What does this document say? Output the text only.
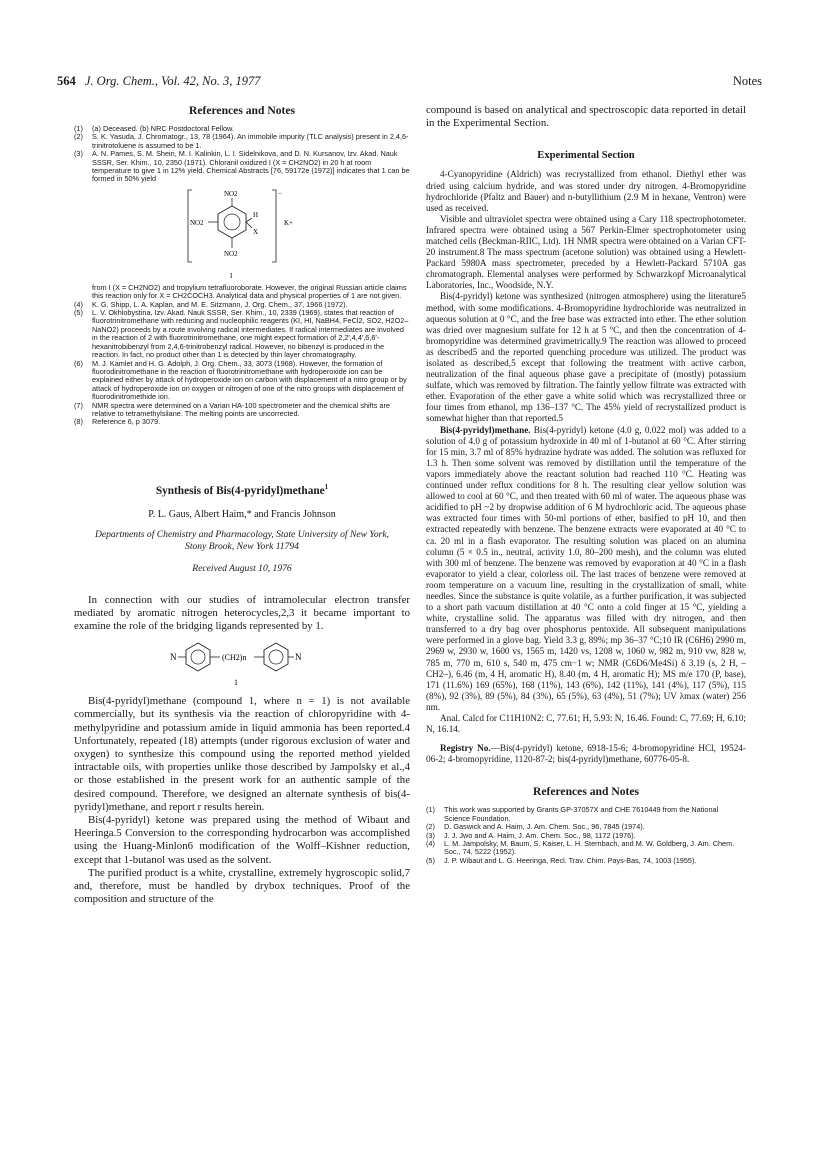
564 J. Org. Chem., Vol. 42, No. 3, 1977	Notes
References and Notes
(1) (a) Deceased. (b) NRC Postdoctoral Fellow.
(2) S. K. Yasuda, J. Chromatogr., 13, 78 (1964). An immobile impurity (TLC analysis) present in 2,4,6-trinitrotoluene is assumed to be 1.
(3) A. N. Pames, S. M. Shein, M. I. Kalinkin, L. I. Sidelnikova, and D. N. Kursanov, Izv. Akad. Nauk SSSR, Ser. Khim., 10, 2350 (1971). Chloranil oxidized I (X = CH2NO2) in 20 h at room temperature to give 1 in 12% yield. Chemical Abstracts [76, 59172e (1972)] indicates that 1 can be formed in 50% yield
−
NO2
NO2
NO2
H
X
K+
I

from I (X = CH2NO2) and tropylium tetrafluoroborate. However, the original Russian article claims this reaction only for X = CH2COCH3. Analytical data and physical properties of 1 are not given.

(4) K. G. Shipp, L. A. Kaplan, and M. E. Sitzmann, J. Org. Chem., 37, 1966 (1972).
(5) L. V. Okhlobystina, Izv. Akad. Nauk SSSR, Ser. Khim., 10, 2339 (1969), states that reaction of fluorotrinitromethane with reducing and nucleophilic reagents (KI, HI, NaBH4, FeCl2, SO2, H2O2–NaNO2) proceeds by a route involving radical intermediates. If radical intermediates are involved in the reaction of 2 with fluorotrinitromethane, one might expect formation of 2,2′,4,4′,6,6′-hexanitrobibenzyl from 2,4,6-trinitrobenzyl radical. However, no bibenzyl is produced in the reaction. In fact, no product other than 1 is detected by thin layer chromatography.
(6) M. J. Kamlet and H. G. Adolph, J. Org. Chem., 33, 3073 (1968). However, the formation of fluorodinitromethane in the reaction of fluorotrinitromethane with hydroperoxide ion can be explained either by attack of hydroperoxide ion on carbon with displacement of a nitro group or by attack of hydroperoxide ion on oxygen or nitrogen of one of the nitro groups with displacement of fluorodinitromethide ion.
(7) NMR spectra were determined on a Varian HA-100 spectrometer and the chemical shifts are relative to tetramethylsilane. The melting points are uncorrected.
(8) Reference 6, p 3079.
Synthesis of Bis(4-pyridyl)methane$^1$

P. L. Gaus, Albert Haim,* and Francis Johnson

Departments of Chemistry and Pharmacology, State University of New York, Stony Brook, New York 11794

Received August 10, 1976

In connection with our studies of intramolecular electron transfer mediated by aromatic nitrogen heterocycles,2,3 it became important to examine the role of the bridging ligands represented by 1.

N	(CH2)n	N
1

Bis(4-pyridyl)methane (compound 1, where n = 1) is not available commercially, but its synthesis via the reaction of chloropyridine with 4-methylpyridine and potassium amide in liquid ammonia has been reported.4 Unfortunately, repeated (18) attempts (under rigorous exclusion of water and oxygen) to synthesize this compound using the reported method yielded intractable oils, with properties unlike those described by Jampolsky et al.,4 or those established in the present work for an authentic sample of the desired compound. Therefore, we designed an alternate synthesis of bis(4-pyridyl)methane, and report r results herein.

Bis(4-pyridyl) ketone was prepared using the method of Wibaut and Heeringa.5 Conversion to the corresponding hydrocarbon was accomplished using the Huang-Minlon6 modification of the Wolff–Kishner reduction, except that 1-butanol was used as the solvent.

The purified product is a white, crystalline, extremely hygroscopic solid,7 and, therefore, must be handled by drybox techniques. Proof of the composition and structure of the

compound is based on analytical and spectroscopic data reported in detail in the Experimental Section.

Experimental Section

4-Cyanopyridine (Aldrich) was recrystallized from ethanol. Diethyl ether was dried using calcium hydride, and was stored under dry nitrogen. 4-Bromopyridine hydrochloride (Pfaltz and Bauer) and n-butyllithium (2.9 M in hexane, Ventron) were used as received.

Visible and ultraviolet spectra were obtained using a Cary 118 spectrophotometer. Infrared spectra were obtained using a 567 Perkin-Elmer spectrophotometer using matched cells (Beckman-RIIC, Ltd). 1H NMR spectra were obtained on a Varian CFT-20 instrument.8 The mass spectrum (acetone solution) was obtained using a Hewlett-Packard 5980A mass spectrometer, preceded by a Hewlett-Packard 5710A gas chromatograph. Elemental analyses were performed by Schwarzkopf Microanalytical Laboratories, Inc., Woodside, N.Y.

Bis(4-pyridyl) ketone was synthesized (nitrogen atmosphere) using the literature5 method, with some modifications. 4-Bromopyridine hydrochloride was neutralized in aqueous solution at 0 °C, and the free base was extracted into ether. The ether solution was dried over magnesium sulfate for 12 h at 5 °C, and then the concentration of 4-bromopyridine was determined gravimetrically.9 The reaction was allowed to proceed as described5 and the reported quenching procedure was utilized. The product was isolated as described,5 except that following the treatment with active carbon, neutralization of the final aqueous phase gave a precipitate of (mostly) potassium sulfate, which was removed by filtration. The faintly yellow filtrate was extracted with ether. Evaporation of the ether gave a white solid which was recrystallized three or four times from ethanol, mp 136–137 °C. The 45% yield of recrystallized product is somewhat higher than that reported.5

Bis(4-pyridyl)methane. Bis(4-pyridyl) ketone (4.0 g, 0.022 mol) was added to a solution of 4.0 g of potassium hydroxide in 40 ml of 1-butanol at 60 °C. After stirring for 15 min, 3.7 ml of 85% hydrazine hydrate was added. The solution was refluxed for 1.3 h. Then some solvent was removed by distillation until the temperature of the vapors immediately above the reactant solution had reached 110 °C. Heating was continued under reflux conditions for 8 h. The resulting clear yellow solution was allowed to cool at 60 °C, and then treated with 60 ml of water. The aqueous phase was acidified to pH ~2 by dropwise addition of 6 M hydrochloric acid. The aqueous phase was extracted four times with 50-ml portions of ether, basified to pH 10, and then extracted repeatedly with benzene. The benzene extracts were evaporated at 40 °C to ca. 20 ml in a flash evaporator. The resulting solution was placed on an alumina column (5 × 0.5 in., neutral, activity 1.0, 80–200 mesh), and the column was eluted with 300 ml of benzene. The benzene was removed by evaporation at 40 °C in a flash evaporator to yield a clear, colorless oil. The last traces of benzene were removed at room temperature on a vacuum line, resulting in the crystallization of small, white needles. Since the substance is quite volatile, as a further purification, it was subjected to a short path vacuum distillation at 40 °C onto a cold finger at 15 °C, yielding a white, crystalline solid. The apparatus was filled with dry nitrogen, and then transferred to a dry bag over phosphorus pentoxide. All subsequent manipulations were performed in a glove bag. Yield 3.3 g, 89%; mp 36–37 °C;10 IR (C6H6) 2990 m, 2969 w, 2930 w, 1600 vs, 1565 m, 1420 vs, 1208 w, 1060 w, 982 m, 910 vw, 828 w, 785 m, 770 m, 610 s, 540 m, 475 cm−1 w; NMR (C6D6/Me4Si) δ 3.19 (s, 2 H, –CH2–), 6.46 (m, 4 H, aromatic H), 8.40 (m, 4 H, aromatic H); MS m/e 170 (P, base), 171 (11.6%) 169 (65%), 168 (11%), 143 (6%), 142 (11%), 141 (4%), 117 (5%), 115 (8%), 92 (3%), 89 (5%), 84 (3%), 65 (5%), 63 (4%), 51 (7%); UV λmax (water) 256 nm.

Anal. Calcd for C11H10N2: C, 77.61; H, 5.93: N, 16.46. Found: C, 77.69; H, 6.10; N, 16.14.

Registry No.—Bis(4-pyridyl) ketone, 6918-15-6; 4-bromopyridine HCl, 19524-06-2; 4-bromopyridine, 1120-87-2; bis(4-pyridyl)methane, 60776-05-8.

References and Notes
(1) This work was supported by Grants GP-37057X and CHE 7610449 from the National Science Foundation.
(2) D. Gaswick and A. Haim, J. Am. Chem. Soc., 96, 7845 (1974).
(3) J. J. Jwo and A. Haim, J. Am. Chem. Soc., 98, 1172 (1976).
(4) L. M. Jampolsky, M. Baum, S. Kaiser, L. H. Sternbach, and M. W. Goldberg, J. Am. Chem. Soc., 74, 5222 (1952).
(5) J. P. Wibaut and L. G. Heeringa, Recl. Trav. Chim. Pays-Bas, 74, 1003 (1955).
